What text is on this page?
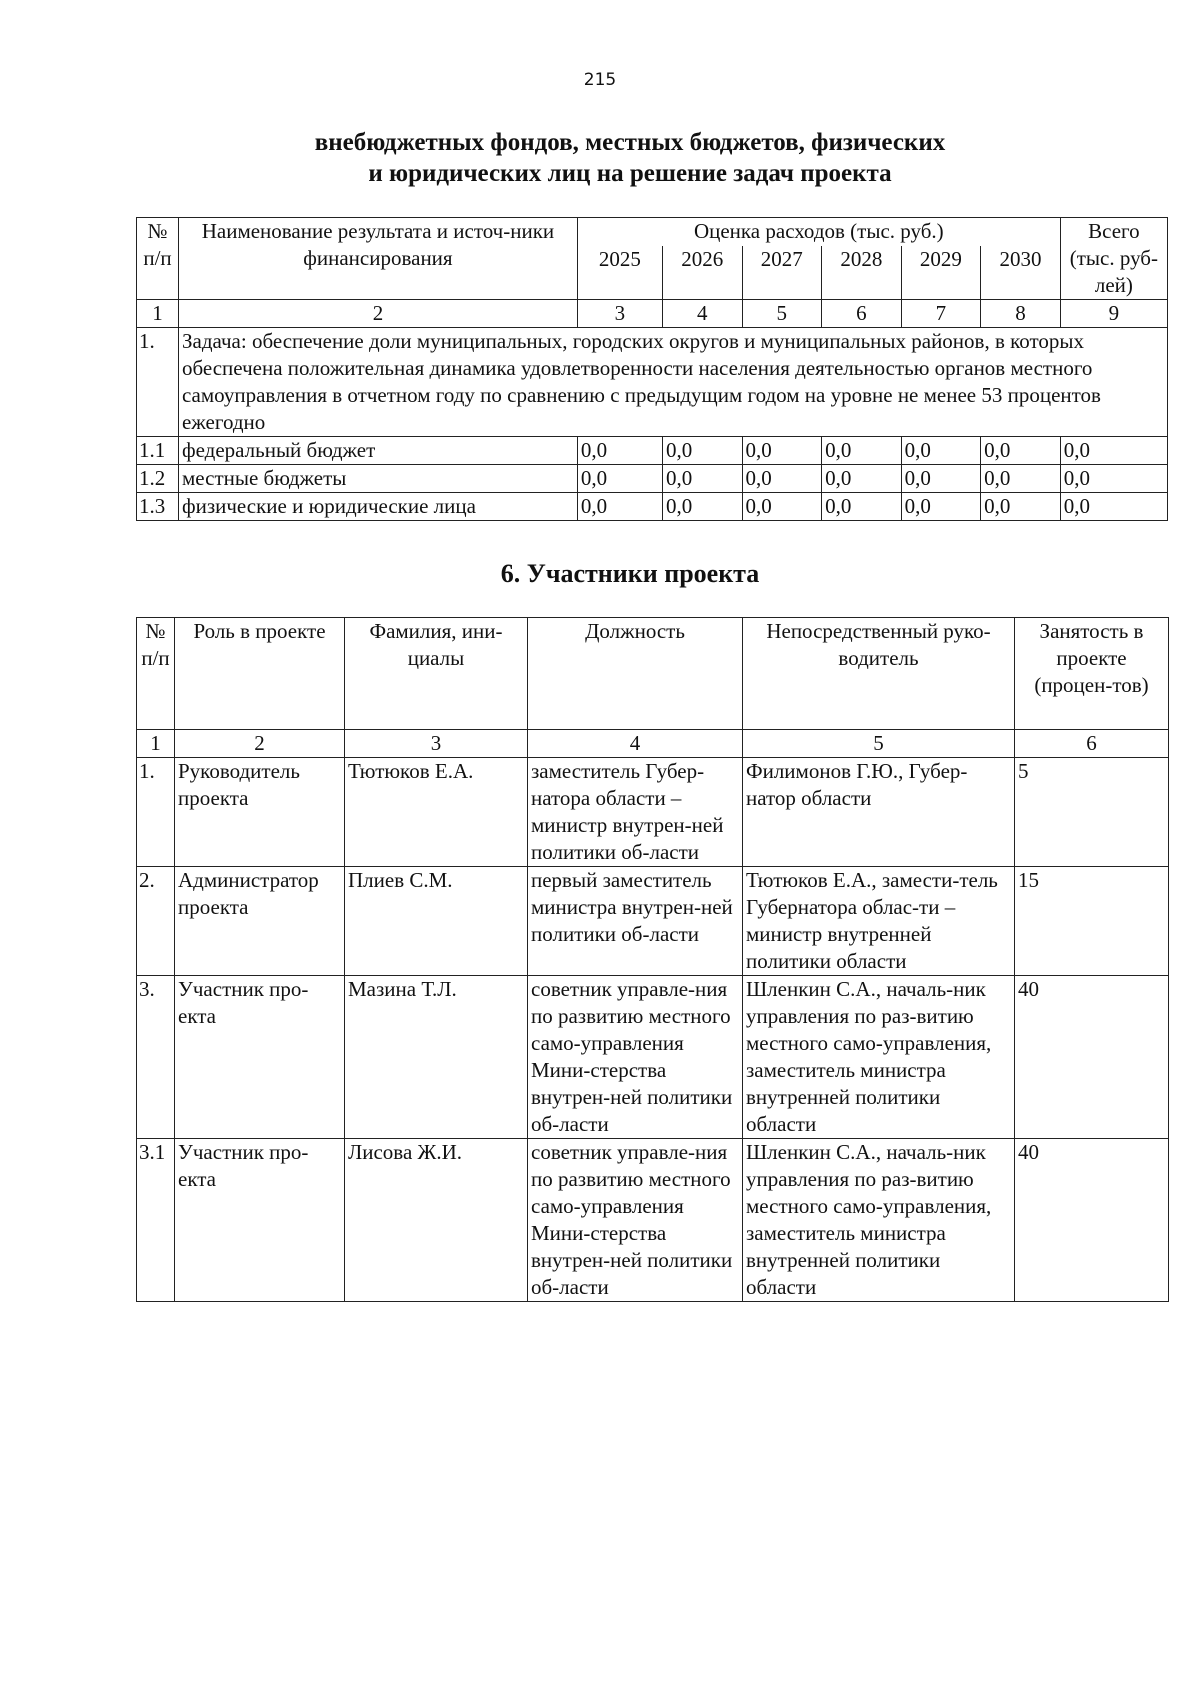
215
внебюджетных фондов, местных бюджетов, физических
и юридических лиц на решение задач проекта
№ п/п	Наименование результата и источ-ники финансирования	Оценка расходов (тыс. руб.)						Всего (тыс. руб-лей)
		2025	2026	2027	2028	2029	2030	
1	2	3	4	5	6	7	8	9
1.	Задача: обеспечение доли муниципальных, городских округов и муниципальных районов, в которых обеспечена положительная динамика удовлетворенности населения деятельностью органов местного самоуправления в отчетном году по сравнению с предыдущим годом на уровне не менее 53 процентов ежегодно							
1.1	федеральный бюджет	0,0	0,0	0,0	0,0	0,0	0,0	0,0
1.2	местные бюджеты	0,0	0,0	0,0	0,0	0,0	0,0	0,0
1.3	физические и юридические лица	0,0	0,0	0,0	0,0	0,0	0,0	0,0
6. Участники проекта
№ п/п	Роль в проекте	Фамилия, ини-циалы	Должность	Непосредственный руко-водитель	Занятость в проекте (процен-тов)
1	2	3	4	5	6
1.	Руководитель проекта	Тютюков Е.А.	заместитель Губер-натора области – министр внутрен-ней политики об-ласти	Филимонов Г.Ю., Губер-натор области	5
2.	Администратор проекта	Плиев С.М.	первый заместитель министра внутрен-ней политики об-ласти	Тютюков Е.А., замести-тель Губернатора облас-ти – министр внутренней политики области	15
3.	Участник про-екта	Мазина Т.Л.	советник управле-ния по развитию местного само-управления Мини-стерства внутрен-ней политики об-ласти	Шленкин С.А., началь-ник управления по раз-витию местного само-управления, заместитель министра внутренней политики области	40
3.1	Участник про-екта	Лисова Ж.И.	советник управле-ния по развитию местного само-управления Мини-стерства внутрен-ней политики об-ласти	Шленкин С.А., началь-ник управления по раз-витию местного само-управления, заместитель министра внутренней политики области	40
